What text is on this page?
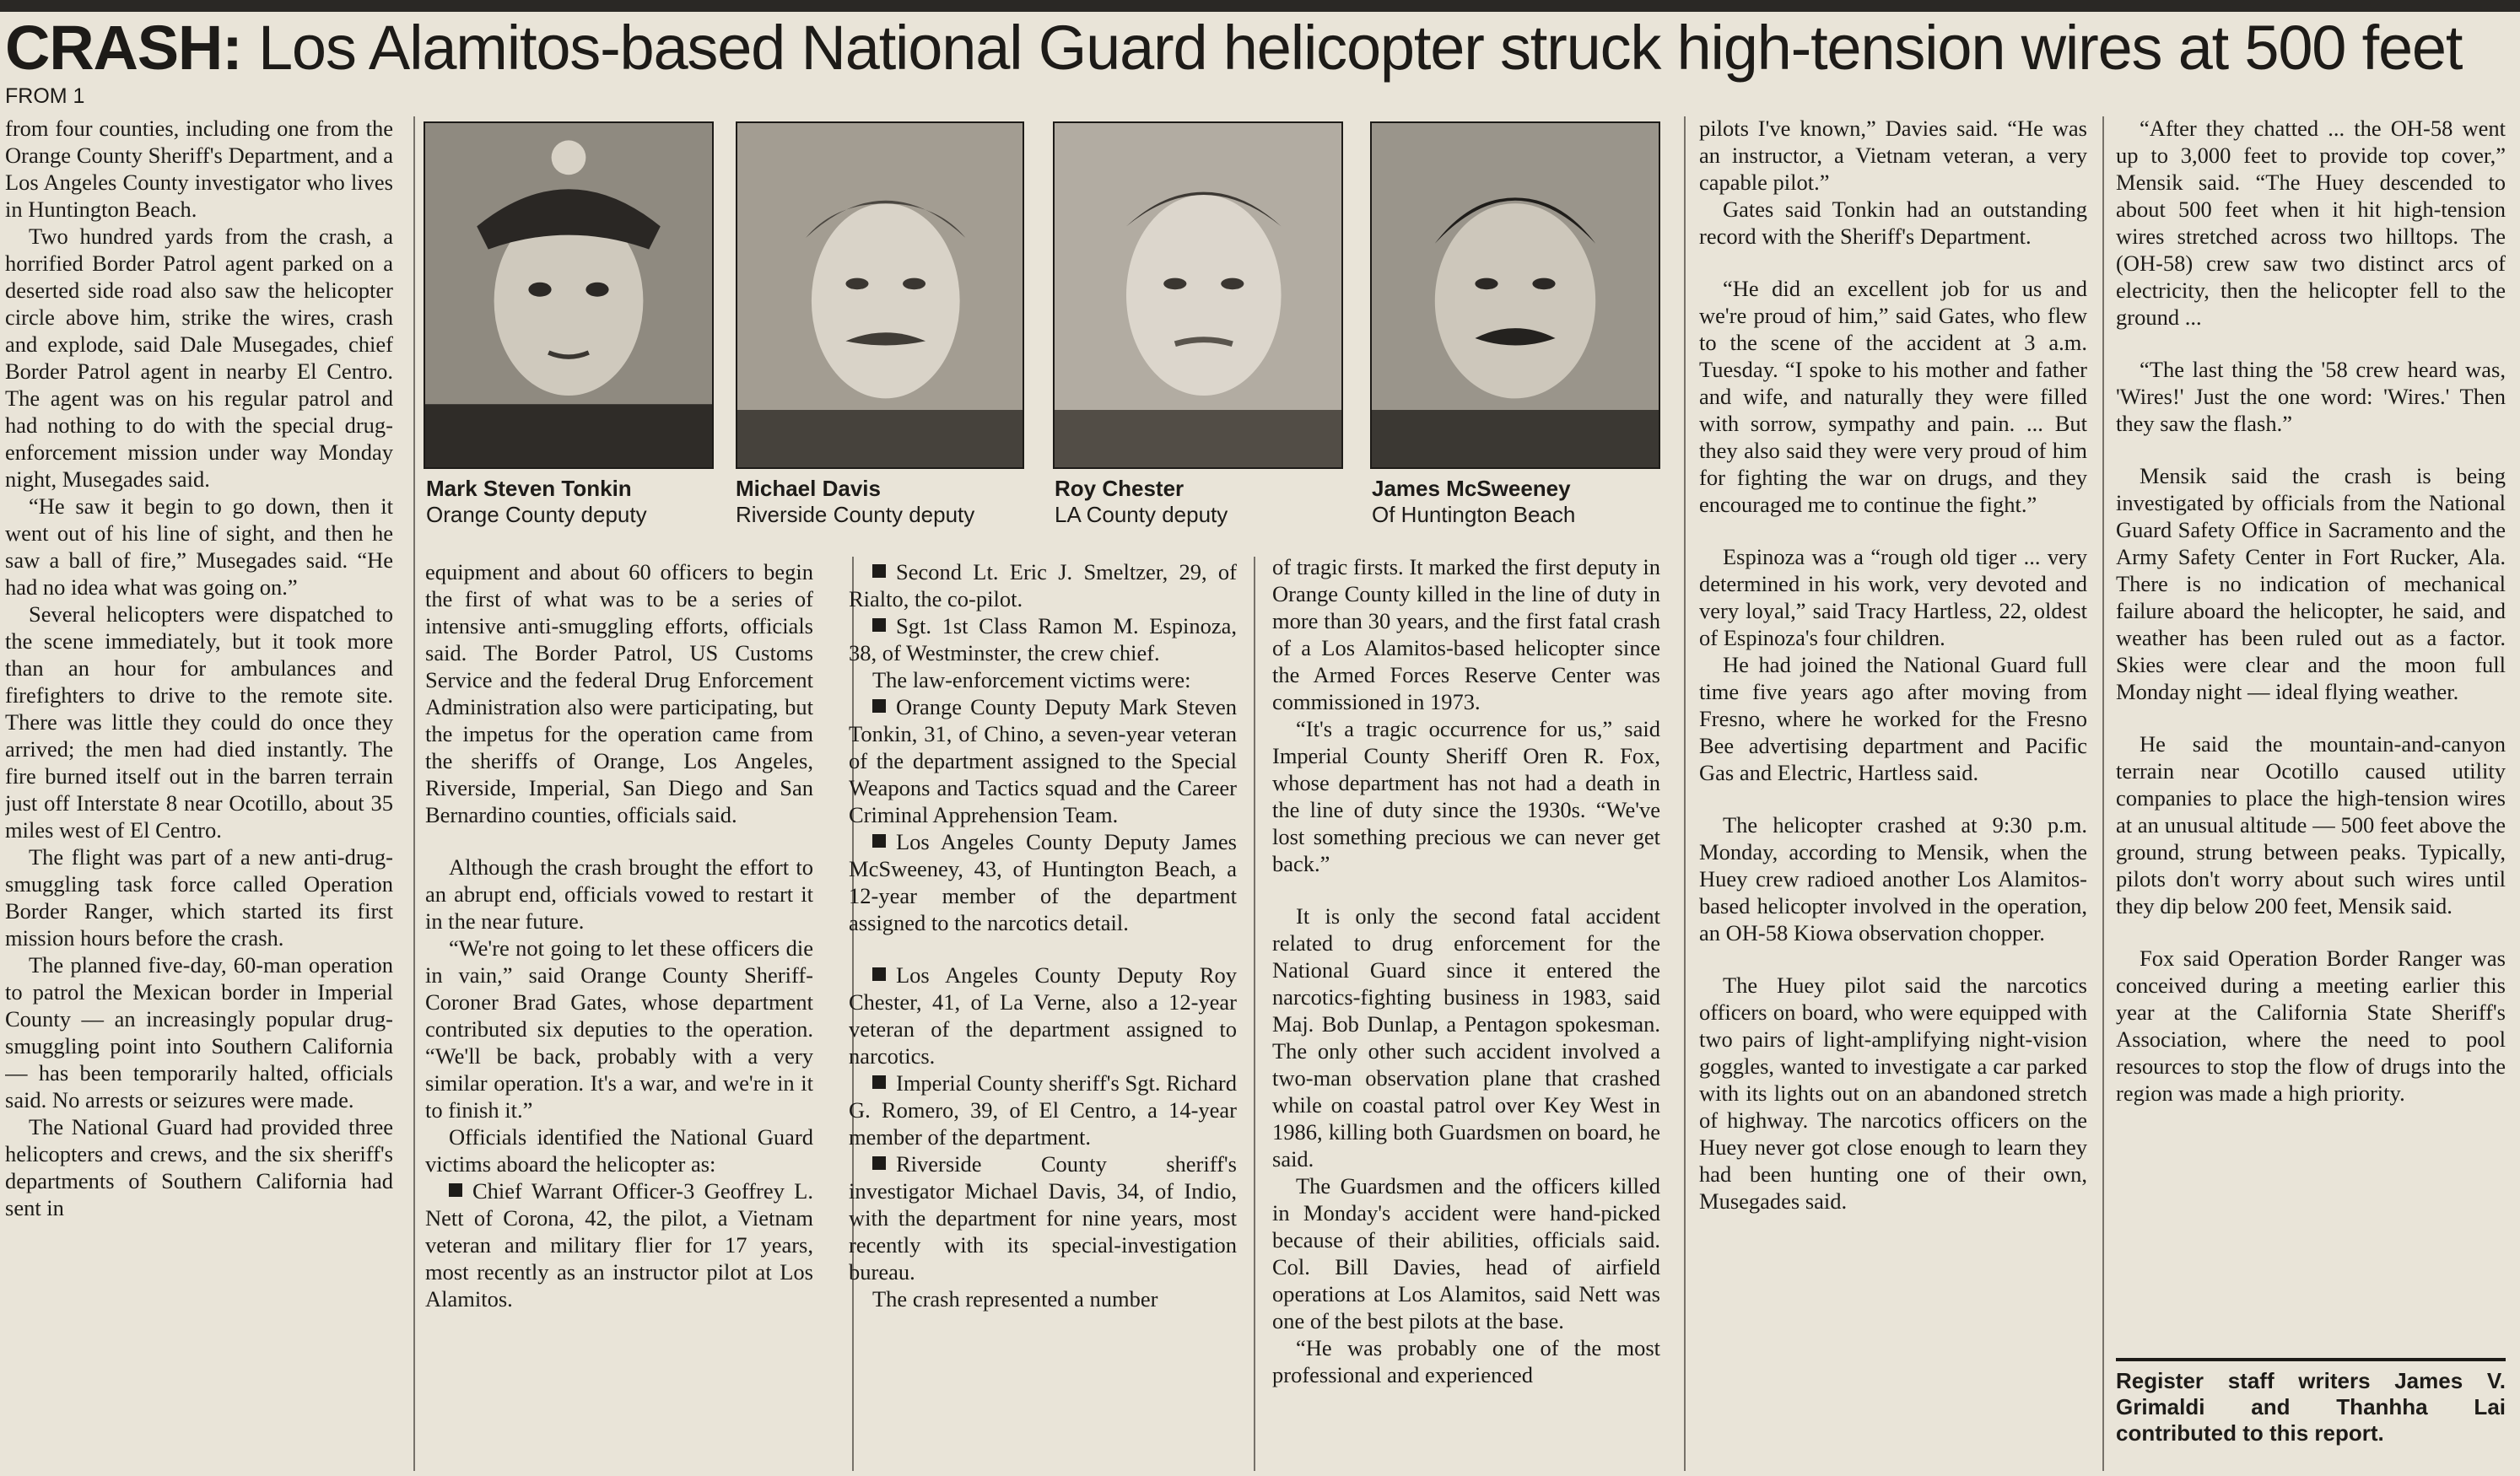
CRASH: Los Alamitos-based National Guard helicopter struck high-tension wires at 500 feet
FROM 1
Mark Steven Tonkin
Orange County deputy
Michael Davis
Riverside County deputy
Roy Chester
LA County deputy
James McSweeney
Of Huntington Beach

from four counties, including one from the Orange County Sheriff's Department, and a Los Angeles County investigator who lives in Huntington Beach.

Two hundred yards from the crash, a horrified Border Patrol agent parked on a deserted side road also saw the helicopter circle above him, strike the wires, crash and explode, said Dale Musegades, chief Border Patrol agent in nearby El Centro. The agent was on his regular patrol and had nothing to do with the special drug-enforcement mission under way Monday night, Musegades said.

“He saw it begin to go down, then it went out of his line of sight, and then he saw a ball of fire,” Musegades said. “He had no idea what was going on.”

Several helicopters were dispatched to the scene immediately, but it took more than an hour for ambulances and firefighters to drive to the remote site. There was little they could do once they arrived; the men had died instantly. The fire burned itself out in the barren terrain just off Interstate 8 near Ocotillo, about 35 miles west of El Centro.

The flight was part of a new anti-drug-smuggling task force called Operation Border Ranger, which started its first mission hours before the crash.

The planned five-day, 60-man operation to patrol the Mexican border in Imperial County — an increasingly popular drug-smuggling point into Southern California — has been temporarily halted, officials said. No arrests or seizures were made.

The National Guard had provided three helicopters and crews, and the six sheriff's departments of Southern California had sent in

equipment and about 60 officers to begin the first of what was to be a series of intensive anti-smuggling efforts, officials said. The Border Patrol, US Customs Service and the federal Drug Enforcement Administration also were participating, but the impetus for the operation came from the sheriffs of Orange, Los Angeles, Riverside, Imperial, San Diego and San Bernardino counties, officials said.

Although the crash brought the effort to an abrupt end, officials vowed to restart it in the near future.

“We're not going to let these officers die in vain,” said Orange County Sheriff-Coroner Brad Gates, whose department contributed six deputies to the operation. “We'll be back, probably with a very similar operation. It's a war, and we're in it to finish it.”

Officials identified the National Guard victims aboard the helicopter as:

Chief Warrant Officer-3 Geoffrey L. Nett of Corona, 42, the pilot, a Vietnam veteran and military flier for 17 years, most recently as an instructor pilot at Los Alamitos.

Second Lt. Eric J. Smeltzer, 29, of Rialto, the co-pilot.

Sgt. 1st Class Ramon M. Espinoza, 38, of Westminster, the crew chief.

The law-enforcement victims were:

Orange County Deputy Mark Steven Tonkin, 31, of Chino, a seven-year veteran of the department assigned to the Special Weapons and Tactics squad and the Career Criminal Apprehension Team.

Los Angeles County Deputy James McSweeney, 43, of Huntington Beach, a 12-year member of the department assigned to the narcotics detail.

Los Angeles County Deputy Roy Chester, 41, of La Verne, also a 12-year veteran of the department assigned to narcotics.

Imperial County sheriff's Sgt. Richard G. Romero, 39, of El Centro, a 14-year member of the department.

Riverside County sheriff's investigator Michael Davis, 34, of Indio, with the department for nine years, most recently with its special-investigation bureau.

The crash represented a number

of tragic firsts. It marked the first deputy in Orange County killed in the line of duty in more than 30 years, and the first fatal crash of a Los Alamitos-based helicopter since the Armed Forces Reserve Center was commissioned in 1973.

“It's a tragic occurrence for us,” said Imperial County Sheriff Oren R. Fox, whose department has not had a death in the line of duty since the 1930s. “We've lost something precious we can never get back.”

It is only the second fatal accident related to drug enforcement for the National Guard since it entered the narcotics-fighting business in 1983, said Maj. Bob Dunlap, a Pentagon spokesman. The only other such accident involved a two-man observation plane that crashed while on coastal patrol over Key West in 1986, killing both Guardsmen on board, he said.

The Guardsmen and the officers killed in Monday's accident were hand-picked because of their abilities, officials said. Col. Bill Davies, head of airfield operations at Los Alamitos, said Nett was one of the best pilots at the base.

“He was probably one of the most professional and experienced

pilots I've known,” Davies said. “He was an instructor, a Vietnam veteran, a very capable pilot.”

Gates said Tonkin had an outstanding record with the Sheriff's Department.

“He did an excellent job for us and we're proud of him,” said Gates, who flew to the scene of the accident at 3 a.m. Tuesday. “I spoke to his mother and father and wife, and naturally they were filled with sorrow, sympathy and pain. ... But they also said they were very proud of him for fighting the war on drugs, and they encouraged me to continue the fight.”

Espinoza was a “rough old tiger ... very determined in his work, very devoted and very loyal,” said Tracy Hartless, 22, oldest of Espinoza's four children.

He had joined the National Guard full time five years ago after moving from Fresno, where he worked for the Fresno Bee advertising department and Pacific Gas and Electric, Hartless said.

The helicopter crashed at 9:30 p.m. Monday, according to Mensik, when the Huey crew radioed another Los Alamitos-based helicopter involved in the operation, an OH-58 Kiowa observation chopper.

The Huey pilot said the narcotics officers on board, who were equipped with two pairs of light-amplifying night-vision goggles, wanted to investigate a car parked with its lights out on an abandoned stretch of highway. The narcotics officers on the Huey never got close enough to learn they had been hunting one of their own, Musegades said.

“After they chatted ... the OH-58 went up to 3,000 feet to provide top cover,” Mensik said. “The Huey descended to about 500 feet when it hit high-tension wires stretched across two hilltops. The (OH-58) crew saw two distinct arcs of electricity, then the helicopter fell to the ground ...

“The last thing the '58 crew heard was, 'Wires!' Just the one word: 'Wires.' Then they saw the flash.”

Mensik said the crash is being investigated by officials from the National Guard Safety Office in Sacramento and the Army Safety Center in Fort Rucker, Ala. There is no indication of mechanical failure aboard the helicopter, he said, and weather has been ruled out as a factor. Skies were clear and the moon full Monday night — ideal flying weather.

He said the mountain-and-canyon terrain near Ocotillo caused utility companies to place the high-tension wires at an unusual altitude — 500 feet above the ground, strung between peaks. Typically, pilots don't worry about such wires until they dip below 200 feet, Mensik said.

Fox said Operation Border Ranger was conceived during a meeting earlier this year at the California State Sheriff's Association, where the need to pool resources to stop the flow of drugs into the region was made a high priority.

Register staff writers James V. Grimaldi and Thanhha Lai contributed to this report.
